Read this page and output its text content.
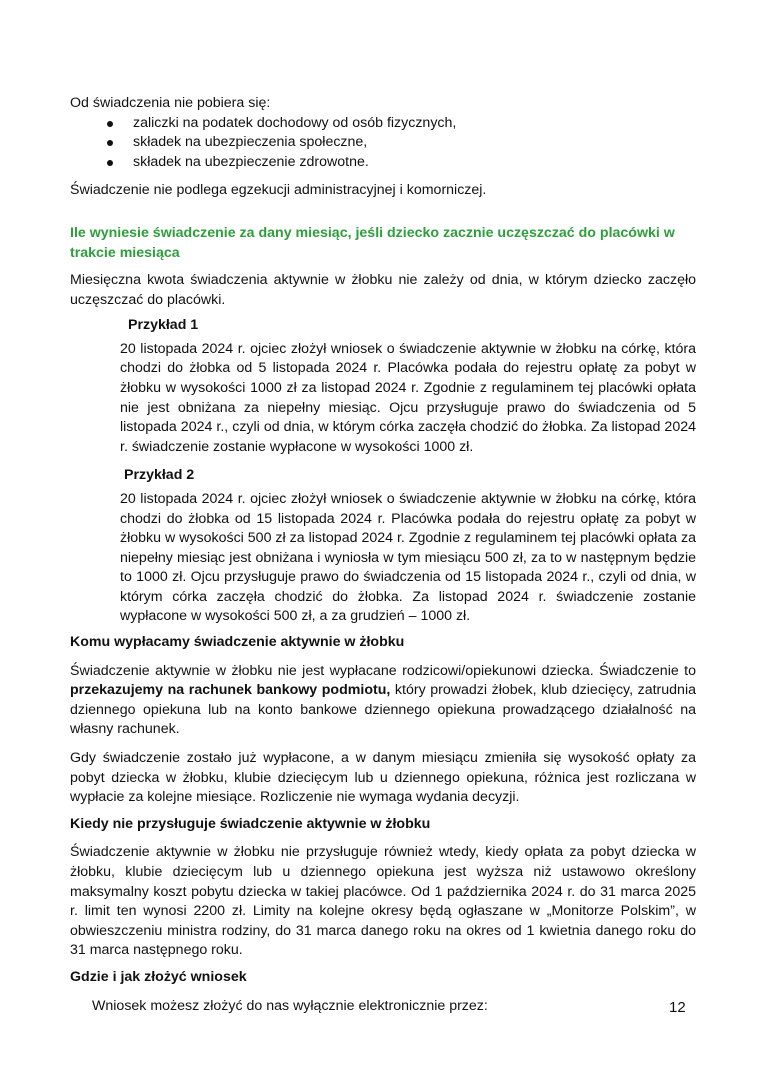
Od świadczenia nie pobiera się:

zaliczki na podatek dochodowy od osób fizycznych,
składek na ubezpieczenia społeczne,
składek na ubezpieczenie zdrowotne.

Świadczenie nie podlega egzekucji administracyjnej i komorniczej.

Ile wyniesie świadczenie za dany miesiąc, jeśli dziecko zacznie uczęszczać do placówki w trakcie miesiąca

Miesięczna kwota świadczenia aktywnie w żłobku nie zależy od dnia, w którym dziecko zaczęło uczęszczać do placówki.

Przykład 1

20 listopada 2024 r. ojciec złożył wniosek o świadczenie aktywnie w żłobku na córkę, która chodzi do żłobka od 5 listopada 2024 r. Placówka podała do rejestru opłatę za pobyt w żłobku w wysokości 1000 zł za listopad 2024 r. Zgodnie z regulaminem tej placówki opłata nie jest obniżana za niepełny miesiąc. Ojcu przysługuje prawo do świadczenia od 5 listopada 2024 r., czyli od dnia, w którym córka zaczęła chodzić do żłobka. Za listopad 2024 r. świadczenie zostanie wypłacone w wysokości 1000 zł.

Przykład 2

20 listopada 2024 r. ojciec złożył wniosek o świadczenie aktywnie w żłobku na córkę, która chodzi do żłobka od 15 listopada 2024 r. Placówka podała do rejestru opłatę za pobyt w żłobku w wysokości 500 zł za listopad 2024 r. Zgodnie z regulaminem tej placówki opłata za niepełny miesiąc jest obniżana i wyniosła w tym miesiącu 500 zł, za to w następnym będzie to 1000 zł. Ojcu przysługuje prawo do świadczenia od 15 listopada 2024 r., czyli od dnia, w którym córka zaczęła chodzić do żłobka. Za listopad 2024 r. świadczenie zostanie wypłacone w wysokości 500 zł, a za grudzień – 1000 zł.

Komu wypłacamy świadczenie aktywnie w żłobku

Świadczenie aktywnie w żłobku nie jest wypłacane rodzicowi/opiekunowi dziecka. Świadczenie to przekazujemy na rachunek bankowy podmiotu, który prowadzi żłobek, klub dziecięcy, zatrudnia dziennego opiekuna lub na konto bankowe dziennego opiekuna prowadzącego działalność na własny rachunek.

Gdy świadczenie zostało już wypłacone, a w danym miesiącu zmieniła się wysokość opłaty za pobyt dziecka w żłobku, klubie dziecięcym lub u dziennego opiekuna, różnica jest rozliczana w wypłacie za kolejne miesiące. Rozliczenie nie wymaga wydania decyzji.

Kiedy nie przysługuje świadczenie aktywnie w żłobku

Świadczenie aktywnie w żłobku nie przysługuje również wtedy, kiedy opłata za pobyt dziecka w żłobku, klubie dziecięcym lub u dziennego opiekuna jest wyższa niż ustawowo określony maksymalny koszt pobytu dziecka w takiej placówce. Od 1 października 2024 r. do 31 marca 2025 r. limit ten wynosi 2200 zł. Limity na kolejne okresy będą ogłaszane w „Monitorze Polskim”, w obwieszczeniu ministra rodziny, do 31 marca danego roku na okres od 1 kwietnia danego roku do 31 marca następnego roku.

Gdzie i jak złożyć wniosek

Wniosek możesz złożyć do nas wyłącznie elektronicznie przez:	12
